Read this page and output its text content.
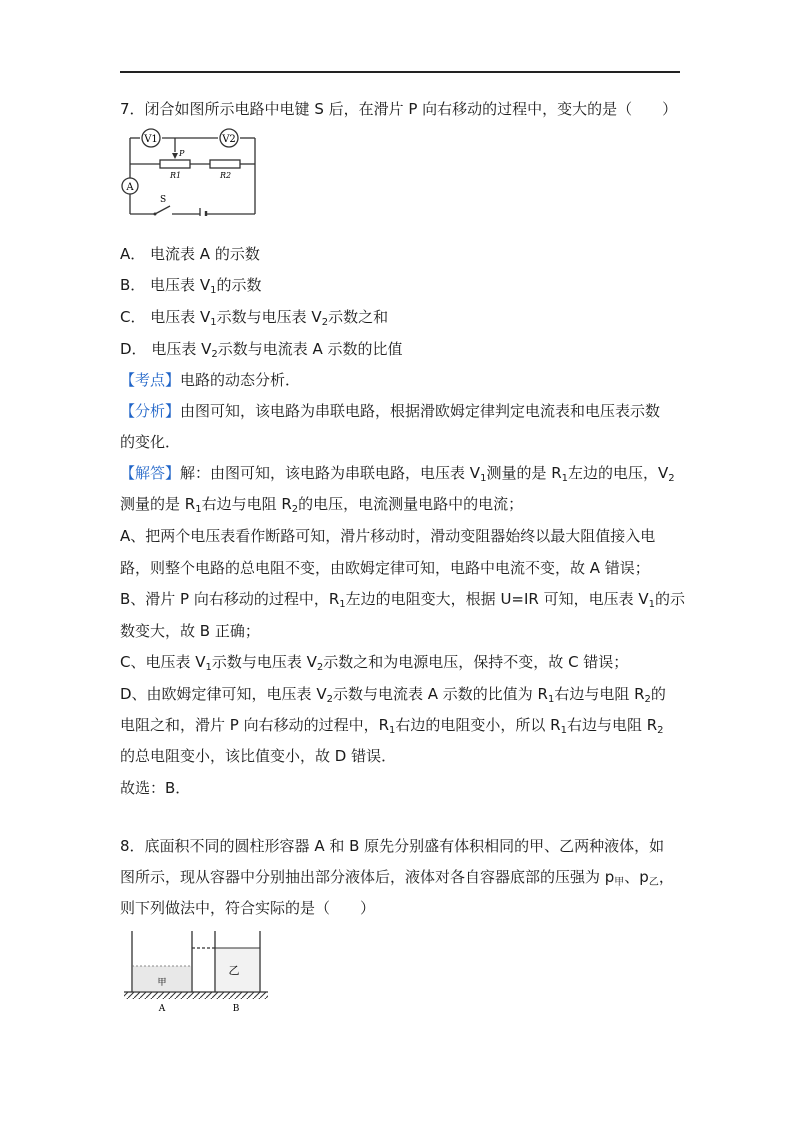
7．闭合如图所示电路中电键 S 后，在滑片 P 向右移动的过程中，变大的是（　　）
V1	V2
A
P
R1	R2
S
A． 电流表 A 的示数
B． 电压表 $V_1$的示数
C． 电压表 $V_1$示数与电压表 $V_2$示数之和
D． 电压表 $V_2$示数与电流表 A 示数的比值
【考点】电路的动态分析．
【分析】由图可知，该电路为串联电路，根据滑欧姆定律判定电流表和电压表示数
的变化．
【解答】解：由图可知，该电路为串联电路，电压表 $V_1$测量的是 $R_1$左边的电压，$V_2$
测量的是 $R_1$右边与电阻 $R_2$的电压，电流测量电路中的电流；
A、把两个电压表看作断路可知，滑片移动时，滑动变阻器始终以最大阻值接入电
路，则整个电路的总电阻不变，由欧姆定律可知，电路中电流不变，故 A 错误；
B、滑片 P 向右移动的过程中，$R_1$左边的电阻变大，根据 U=IR 可知，电压表 $V_1$的示
数变大，故 B 正确；
C、电压表 $V_1$示数与电压表 $V_2$示数之和为电源电压，保持不变，故 C 错误；
D、由欧姆定律可知，电压表 $V_2$示数与电流表 A 示数的比值为 $R_1$右边与电阻 $R_2$的
电阻之和，滑片 P 向右移动的过程中，$R_1$右边的电阻变小，所以 $R_1$右边与电阻 $R_2$
的总电阻变小，该比值变小，故 D 错误．
故选：B．
8．底面积不同的圆柱形容器 A 和 B 原先分别盛有体积相同的甲、乙两种液体，如
图所示，现从容器中分别抽出部分液体后，液体对各自容器底部的压强为 $p_甲$、$p_乙$，
则下列做法中，符合实际的是（　　）
甲
乙
A	B
